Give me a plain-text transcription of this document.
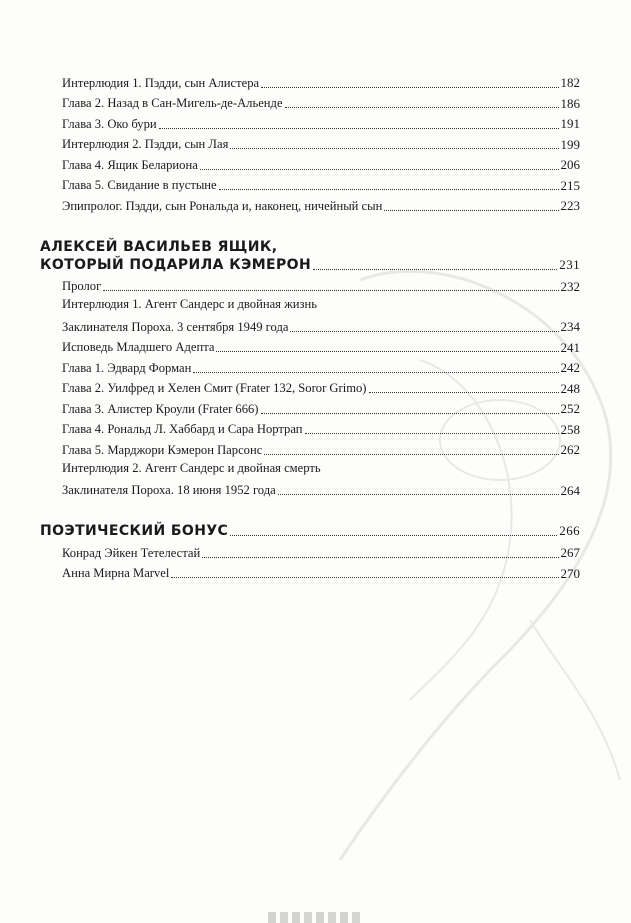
Интерлюдия 1. Пэдди, сын Алистера	182
Глава 2. Назад в Сан-Мигель-де-Альенде	186
Глава 3. Око бури	191
Интерлюдия 2. Пэдди, сын Лая	199
Глава 4. Ящик Белариона	206
Глава 5. Свидание в пустыне	215
Эпипролог. Пэдди, сын Рональда и, наконец, ничейный сын	223
АЛЕКСЕЙ ВАСИЛЬЕВ ЯЩИК,
КОТОРЫЙ ПОДАРИЛА КЭМЕРОН	231
Пролог	232
Интерлюдия 1. Агент Сандерс и двойная жизнь
Заклинателя Пороха. 3 сентября 1949 года	234
Исповедь Младшего Адепта	241
Глава 1. Эдвард Форман	242
Глава 2. Уилфред и Хелен Смит (Frater 132, Soror Grimo)	248
Глава 3. Алистер Кроули (Frater 666)	252
Глава 4. Рональд Л. Хаббард и Сара Нортрап	258
Глава 5. Марджори Кэмерон Парсонс	262
Интерлюдия 2. Агент Сандерс и двойная смерть
Заклинателя Пороха. 18 июня 1952 года	264
ПОЭТИЧЕСКИЙ БОНУС	266
Конрад Эйкен Тетелестай	267
Анна Мирна Marvel	270
